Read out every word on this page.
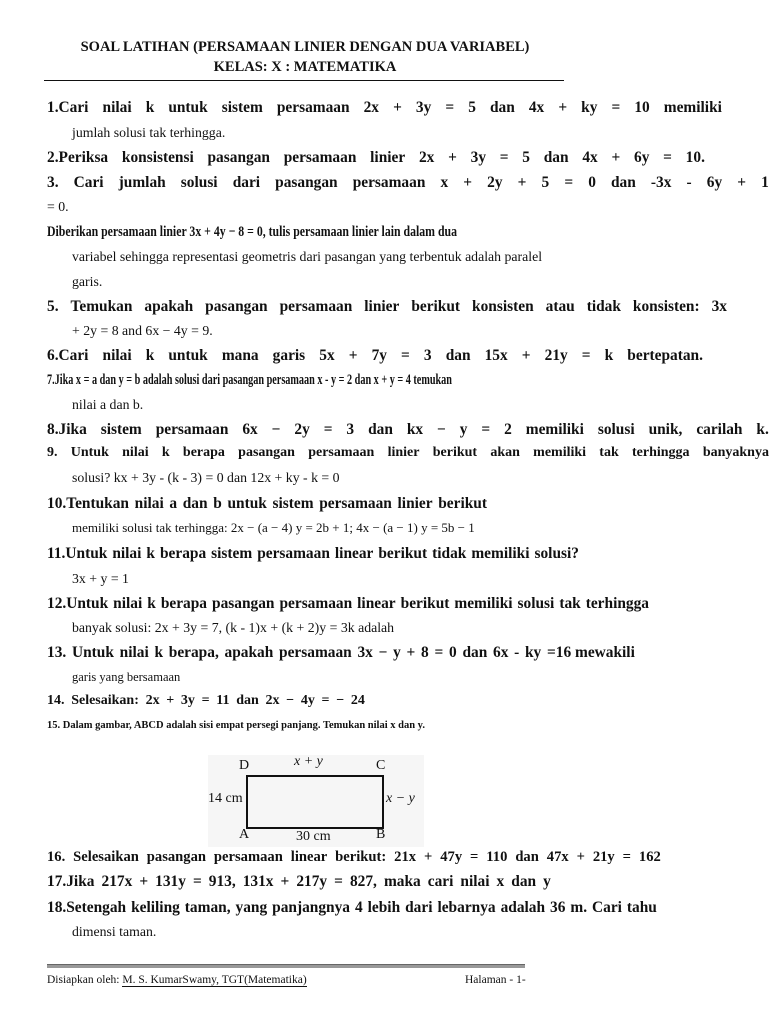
SOAL LATIHAN (PERSAMAAN LINIER DENGAN DUA VARIABEL)
KELAS: X : MATEMATIKA
1.Cari nilai k untuk sistem persamaan 2x + 3y = 5 dan 4x + ky = 10 memiliki
jumlah solusi tak terhingga.
2.Periksa konsistensi pasangan persamaan linier 2x + 3y = 5 dan 4x + 6y = 10.
3. Cari jumlah solusi dari pasangan persamaan x + 2y + 5 = 0 dan -3x - 6y + 1
= 0.
Diberikan persamaan linier 3x + 4y − 8 = 0, tulis persamaan linier lain dalam dua
variabel sehingga representasi geometris dari pasangan yang terbentuk adalah paralel
garis.
5. Temukan apakah pasangan persamaan linier berikut konsisten atau tidak konsisten: 3x
+ 2y = 8 and 6x − 4y = 9.
6.Cari nilai k untuk mana garis 5x + 7y = 3 dan 15x + 21y = k bertepatan.
7.Jika x = a dan y = b adalah solusi dari pasangan persamaan x - y = 2 dan x + y = 4 temukan
nilai a dan b.
8.Jika sistem persamaan 6x − 2y = 3 dan kx − y = 2 memiliki solusi unik, carilah k.
9. Untuk nilai k berapa pasangan persamaan linier berikut akan memiliki tak terhingga banyaknya
solusi? kx + 3y - (k - 3) = 0 dan 12x + ky - k = 0
10.Tentukan nilai a dan b untuk sistem persamaan linier berikut
memiliki solusi tak terhingga: 2x − (a − 4) y = 2b + 1; 4x − (a − 1) y = 5b − 1
11.Untuk nilai k berapa sistem persamaan linear berikut tidak memiliki solusi?
3x + y = 1
12.Untuk nilai k berapa pasangan persamaan linear berikut memiliki solusi tak terhingga
banyak solusi: 2x + 3y = 7, (k - 1)x + (k + 2)y = 3k adalah
13. Untuk nilai k berapa, apakah persamaan 3x − y + 8 = 0 dan 6x - ky =16 mewakili
garis yang bersamaan
14. Selesaikan: 2x + 3y = 11 dan 2x − 4y = − 24
15. Dalam gambar, ABCD adalah sisi empat persegi panjang. Temukan nilai x dan y.
D	C
A	B
x + y
14 cm	x − y
30 cm
16. Selesaikan pasangan persamaan linear berikut: 21x + 47y = 110 dan 47x + 21y = 162
17.Jika 217x + 131y = 913, 131x + 217y = 827, maka cari nilai x dan y
18.Setengah keliling taman, yang panjangnya 4 lebih dari lebarnya adalah 36 m. Cari tahu
dimensi taman.
Disiapkan oleh: M. S. KumarSwamy, TGT(Matematika)	Halaman - 1-
